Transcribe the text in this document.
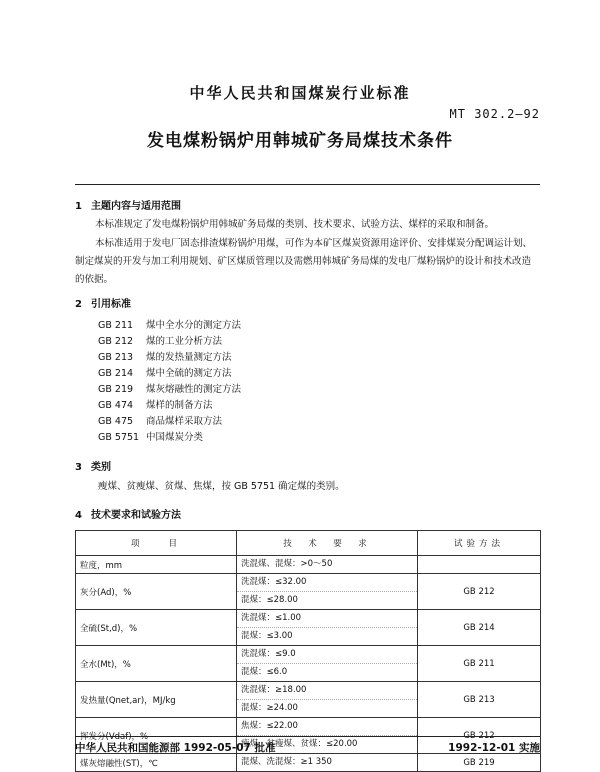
中华人民共和国煤炭行业标准
MT 302.2—92
发电煤粉锅炉用韩城矿务局煤技术条件
1 主题内容与适用范围
本标准规定了发电煤粉锅炉用韩城矿务局煤的类别、技术要求、试验方法、煤样的采取和制备。
本标准适用于发电厂固态排渣煤粉锅炉用煤，可作为本矿区煤炭资源用途评价、安排煤炭分配调运计划、制定煤炭的开发与加工利用规划、矿区煤质管理以及需燃用韩城矿务局煤的发电厂煤粉锅炉的设计和技术改造的依据。
2 引用标准
GB 211 煤中全水分的测定方法
GB 212 煤的工业分析方法
GB 213 煤的发热量测定方法
GB 214 煤中全硫的测定方法
GB 219 煤灰熔融性的测定方法
GB 474 煤样的制备方法
GB 475 商品煤样采取方法
GB 5751 中国煤炭分类
3 类别
瘦煤、贫瘦煤、贫煤、焦煤，按 GB 5751 确定煤的类别。
4 技术要求和试验方法
项　　目	技　术　要　求	试验方法
粒度，mm	洗混煤、混煤：>0～50	

灰分(Ad)，%	洗混煤：≤32.00
混煤：≤28.00	GB 212
全硫(St,d)，%	洗混煤：≤1.00
混煤：≤3.00	GB 214
全水(Mt)，%	洗混煤：≤9.0
混煤：≤6.0	GB 211
发热量(Qnet,ar)，MJ/kg	洗混煤：≥18.00
混煤：≥24.00	GB 213
挥发分(Vdaf)，%	焦煤：≤22.00
瘦煤、贫瘦煤、贫煤：≤20.00	GB 212
煤灰熔融性(ST)，℃	混煤、洗混煤：≥1 350	GB 219
中华人民共和国能源部 1992-05-07 批准	1992-12-01 实施
